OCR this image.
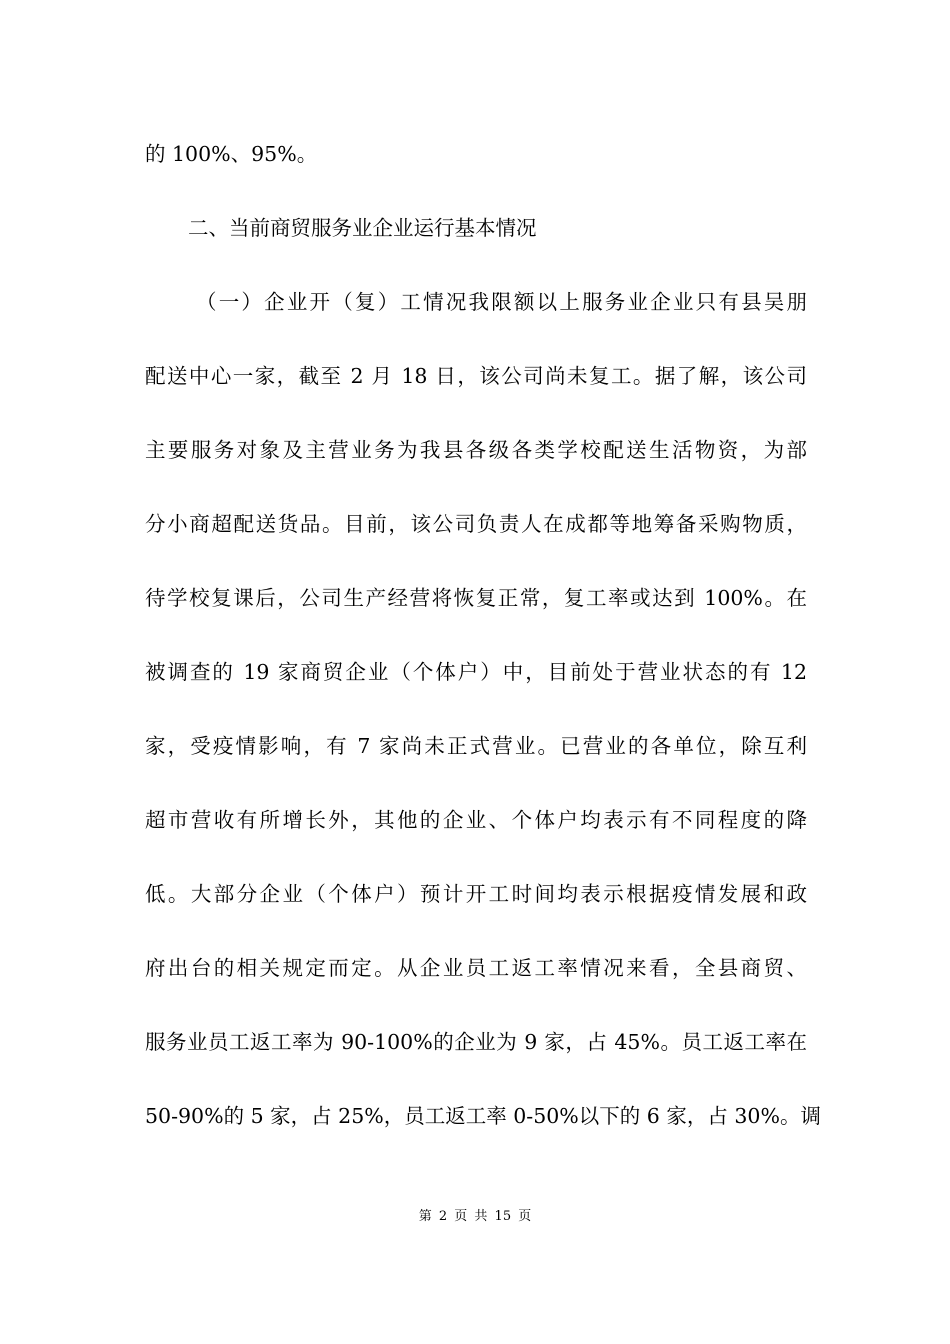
的 100%、95%。
二、当前商贸服务业企业运行基本情况
（一）企业开（复）工情况我限额以上服务业企业只有县吴朋
配送中心一家，截至 2 月 18 日，该公司尚未复工。据了解，该公司
主要服务对象及主营业务为我县各级各类学校配送生活物资，为部
分小商超配送货品。目前，该公司负责人在成都等地筹备采购物质，
待学校复课后，公司生产经营将恢复正常，复工率或达到 100%。在
被调查的 19 家商贸企业（个体户）中，目前处于营业状态的有 12
家，受疫情影响，有 7 家尚未正式营业。已营业的各单位，除互利
超市营收有所增长外，其他的企业、个体户均表示有不同程度的降
低。大部分企业（个体户）预计开工时间均表示根据疫情发展和政
府出台的相关规定而定。从企业员工返工率情况来看，全县商贸、
服务业员工返工率为 90-100%的企业为 9 家，占 45%。员工返工率在
50-90%的 5 家，占 25%，员工返工率 0-50%以下的 6 家，占 30%。调
第 2 页 共 15 页
